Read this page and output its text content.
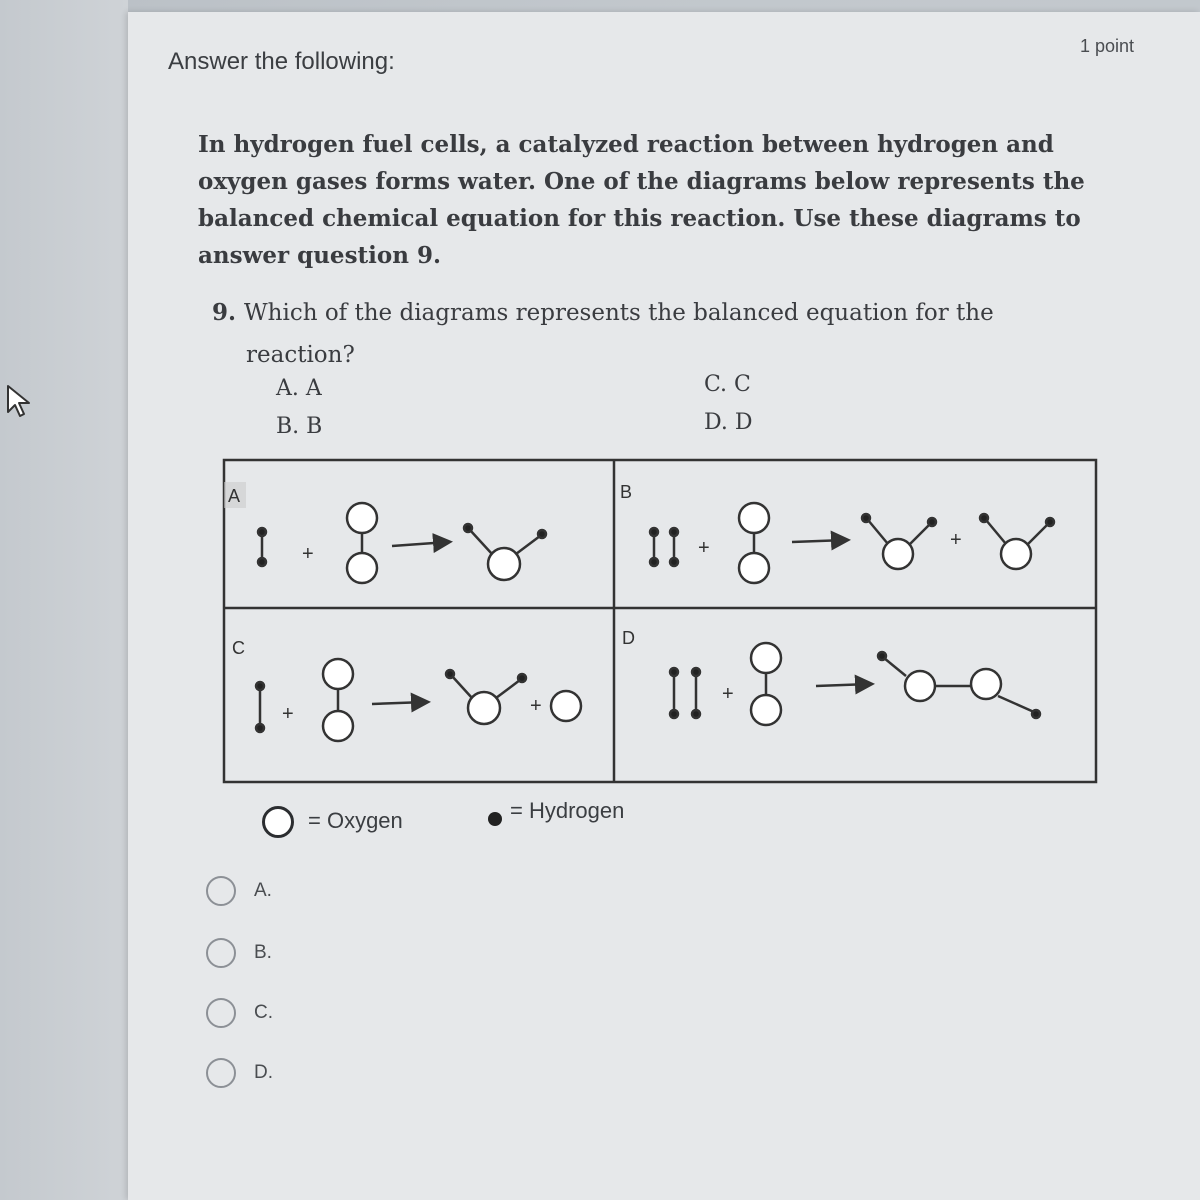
Answer the following:
1 point
In hydrogen fuel cells, a catalyzed reaction between hydrogen and oxygen gases forms water. One of the diagrams below represents the balanced chemical equation for this reaction. Use these diagrams to answer question 9.
9. Which of the diagrams represents the balanced equation for the
reaction?
A. A
B. B
C. C
D. D
A	B
C	D
+	+	+
+	+
+
= Oxygen	= Hydrogen
A.
B.
C.
D.
